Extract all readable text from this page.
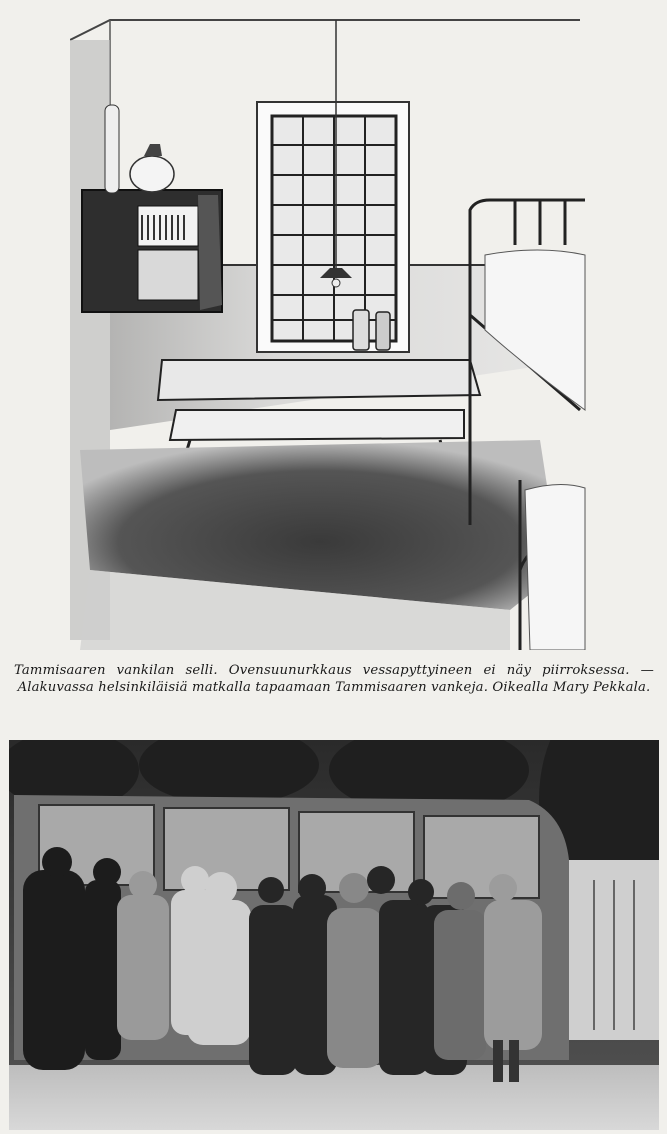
Tammisaaren vankilan selli. Ovensuunurkkaus vessapyttyineen ei näy piirroksessa. — Alakuvassa helsinkiläisiä matkalla tapaamaan Tammisaaren vankeja. Oikealla Mary Pekkala.
